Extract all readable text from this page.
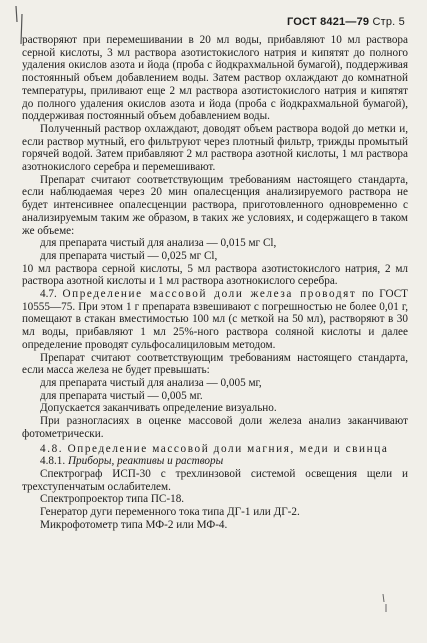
ГОСТ 8421—79 Стр. 5

растворяют при перемешивании в 20 мл воды, прибавляют 10 мл раствора серной кислоты, 3 мл раствора азотистокислого натрия и кипятят до полного удаления окислов азота и йода (проба с йодкрахмальной бумагой), поддерживая постоянный объем добавлением воды. Затем раствор охлаждают до комнатной температуры, приливают еще 2 мл раствора азотистокислого натрия и кипятят до полного удаления окислов азота и йода (проба с йодкрахмальной бумагой), поддерживая постоянный объем добавлением воды.

Полученный раствор охлаждают, доводят объем раствора водой до метки и, если раствор мутный, его фильтруют через плотный фильтр, трижды промытый горячей водой. Затем прибавляют 2 мл раствора азотной кислоты, 1 мл раствора азотнокислого серебра и перемешивают.

Препарат считают соответствующим требованиям настоящего стандарта, если наблюдаемая через 20 мин опалесценция анализируемого раствора не будет интенсивнее опалесценции раствора, приготовленного одновременно с анализируемым таким же образом, в таких же условиях, и содержащего в таком же объеме:

для препарата чистый для анализа — 0,015 мг Cl,

для препарата чистый — 0,025 мг Cl,

10 мл раствора серной кислоты, 5 мл раствора азотистокислого натрия, 2 мл раствора азотной кислоты и 1 мл раствора азотнокислого серебра.

4.7. Определение массовой доли железа проводят по ГОСТ 10555—75. При этом 1 г препарата взвешивают с погрешностью не более 0,01 г, помещают в стакан вместимостью 100 мл (с меткой на 50 мл), растворяют в 30 мл воды, прибавляют 1 мл 25%-ного раствора соляной кислоты и далее определение проводят сульфосалициловым методом.

Препарат считают соответствующим требованиям настоящего стандарта, если масса железа не будет превышать:

для препарата чистый для анализа — 0,005 мг,

для препарата чистый — 0,005 мг.

Допускается заканчивать определение визуально.

При разногласиях в оценке массовой доли железа анализ заканчивают фотометрически.

4.8. Определение массовой доли магния, меди и свинца

4.8.1. Приборы, реактивы и растворы

Спектрограф ИСП-30 с трехлинзовой системой освещения щели и трехступенчатым ослабителем.

Спектропроектор типа ПС-18.

Генератор дуги переменного тока типа ДГ-1 или ДГ-2.

Микрофотометр типа МФ-2 или МФ-4.
